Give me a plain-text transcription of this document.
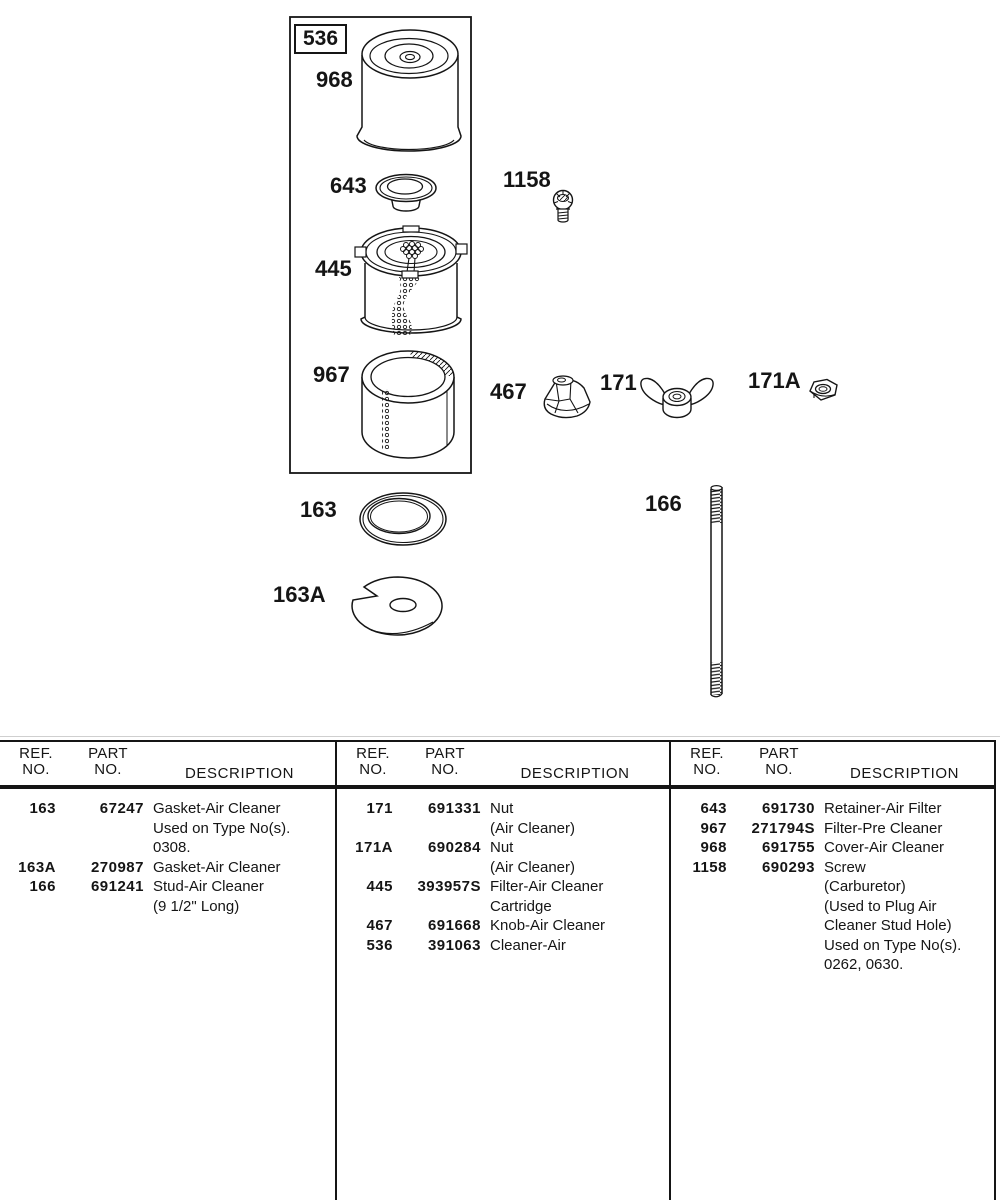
536
968
643
445
967
163
163A
1158
467	171	171A
166
REF.
NO.
PART
NO.	DESCRIPTION
163	67247 Gasket-Air Cleaner
Used on Type No(s).
0308.
163A	270987 Gasket-Air Cleaner
166	691241 Stud-Air Cleaner
(9 1/2" Long)
REF.
NO.
PART
NO.	DESCRIPTION
171	691331 Nut
(Air Cleaner)
171A	690284 Nut
(Air Cleaner)
445	393957S Filter-Air Cleaner
Cartridge
467	691668 Knob-Air Cleaner
536	391063 Cleaner-Air
REF.
NO.
PART
NO.	DESCRIPTION
643	691730 Retainer-Air Filter
967	271794S Filter-Pre Cleaner
968	691755 Cover-Air Cleaner
1158	690293 Screw
(Carburetor)
(Used to Plug Air
Cleaner Stud Hole)
Used on Type No(s).
0262, 0630.
